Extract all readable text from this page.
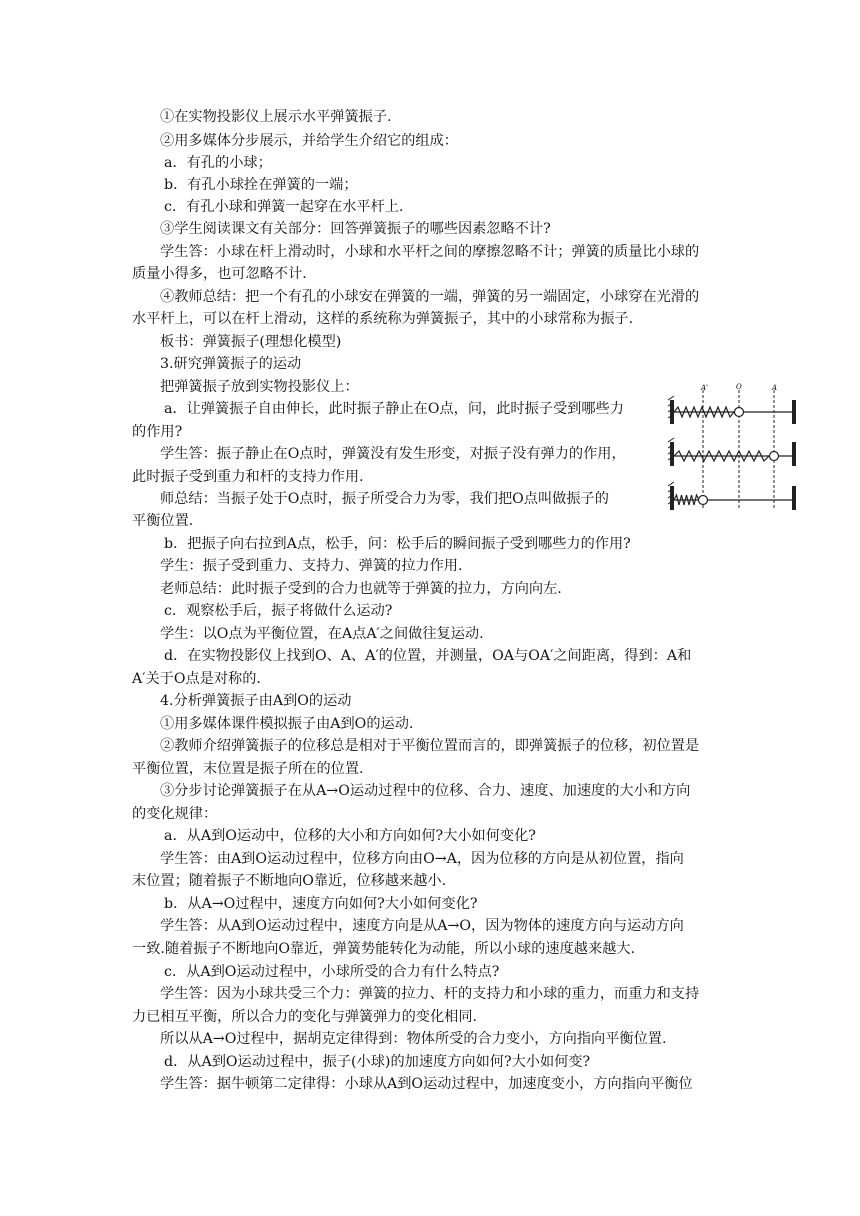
①在实物投影仪上展示水平弹簧振子.
②用多媒体分步展示，并给学生介绍它的组成：
a．有孔的小球；
b．有孔小球拴在弹簧的一端；
c．有孔小球和弹簧一起穿在水平杆上.
③学生阅读课文有关部分：回答弹簧振子的哪些因素忽略不计?
学生答：小球在杆上滑动时，小球和水平杆之间的摩擦忽略不计；弹簧的质量比小球的
质量小得多，也可忽略不计.
④教师总结：把一个有孔的小球安在弹簧的一端，弹簧的另一端固定，小球穿在光滑的
水平杆上，可以在杆上滑动，这样的系统称为弹簧振子，其中的小球常称为振子.
板书：弹簧振子(理想化模型)
3.研究弹簧振子的运动
把弹簧振子放到实物投影仪上：
a．让弹簧振子自由伸长，此时振子静止在O点，问，此时振子受到哪些力
的作用?
学生答：振子静止在O点时，弹簧没有发生形变，对振子没有弹力的作用，
此时振子受到重力和杆的支持力作用.
师总结：当振子处于O点时，振子所受合力为零，我们把O点叫做振子的
平衡位置.
b．把振子向右拉到A点，松手，问：松手后的瞬间振子受到哪些力的作用?
学生：振子受到重力、支持力、弹簧的拉力作用.
老师总结：此时振子受到的合力也就等于弹簧的拉力，方向向左.
c．观察松手后，振子将做什么运动?
学生：以O点为平衡位置，在A点A′之间做往复运动.
d．在实物投影仪上找到O、A、A′的位置，并测量，OA与OA′之间距离，得到：A和
A′关于O点是对称的.
4.分析弹簧振子由A到O的运动
①用多媒体课件模拟振子由A到O的运动.
②教师介绍弹簧振子的位移总是相对于平衡位置而言的，即弹簧振子的位移，初位置是
平衡位置，末位置是振子所在的位置.
③分步讨论弹簧振子在从A→O运动过程中的位移、合力、速度、加速度的大小和方向
的变化规律：
a．从A到O运动中，位移的大小和方向如何?大小如何变化?
学生答：由A到O运动过程中，位移方向由O→A，因为位移的方向是从初位置，指向
末位置；随着振子不断地向O靠近，位移越来越小.
b．从A→O过程中，速度方向如何?大小如何变化?
学生答：从A到O运动过程中，速度方向是从A→O，因为物体的速度方向与运动方向
一致.随着振子不断地向O靠近，弹簧势能转化为动能，所以小球的速度越来越大.
c．从A到O运动过程中，小球所受的合力有什么特点?
学生答：因为小球共受三个力：弹簧的拉力、杆的支持力和小球的重力，而重力和支持
力已相互平衡，所以合力的变化与弹簧弹力的变化相同.
所以从A→O过程中，据胡克定律得到：物体所受的合力变小，方向指向平衡位置.
d．从A到O运动过程中，振子(小球)的加速度方向如何?大小如何变?
学生答：据牛顿第二定律得：小球从A到O运动过程中，加速度变小，方向指向平衡位
A'	O	A
